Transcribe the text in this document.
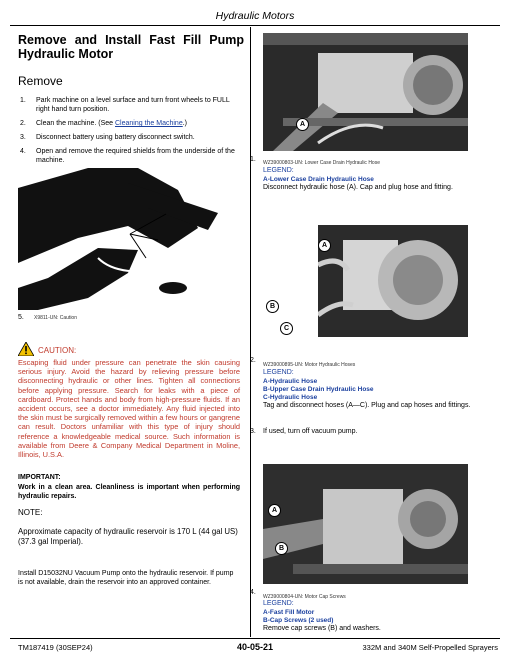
Hydraulic Motors
Remove and Install Fast Fill Pump Hydraulic Motor
Remove
1. Park machine on a level surface and turn front wheels to FULL right hand turn position.
2. Clean the machine. (See Cleaning the Machine.)
3. Disconnect battery using battery disconnect switch.
4. Open and remove the required shields from the underside of the machine.
5. X9811-UN: Caution
CAUTION:
Escaping fluid under pressure can penetrate the skin causing serious injury. Avoid the hazard by relieving pressure before disconnecting hydraulic or other lines. Tighten all connections before applying pressure. Search for leaks with a piece of cardboard. Protect hands and body from high-pressure fluids. If an accident occurs, see a doctor immediately. Any fluid injected into the skin must be surgically removed within a few hours or gangrene can result. Doctors unfamiliar with this type of injury should reference a knowledgeable medical source. Such information is available from Deere & Company Medical Department in Moline, Illinois, U.S.A.
IMPORTANT:
Work in a clean area. Cleanliness is important when performing hydraulic repairs.
NOTE:
Approximate capacity of hydraulic reservoir is 170 L (44 gal US) (37.3 gal Imperial).
Install D15032NU Vacuum Pump onto the hydraulic reservoir. If pump is not available, drain the reservoir into an approved container.
A
1. WZ39000803-UN: Lower Case Drain Hydraulic Hose
LEGEND:
A-Lower Case Drain Hydraulic Hose
Disconnect hydraulic hose (A). Cap and plug hose and fitting.
A
B
C
2.
WZ39000895-UN: Motor Hydraulic Hoses
LEGEND:
A-Hydraulic Hose
B-Upper Case Drain Hydraulic Hose
C-Hydraulic Hose
Tag and disconnect hoses (A—C). Plug and cap hoses and fittings.
3. If used, turn off vacuum pump.
A
B
4.
WZ39000804-UN: Motor Cap Screws
LEGEND:
A-Fast Fill Motor
B-Cap Screws (2 used)
Remove cap screws (B) and washers.
TM187419 (30SEP24)	40-05-21	332M and 340M Self-Propelled Sprayers
